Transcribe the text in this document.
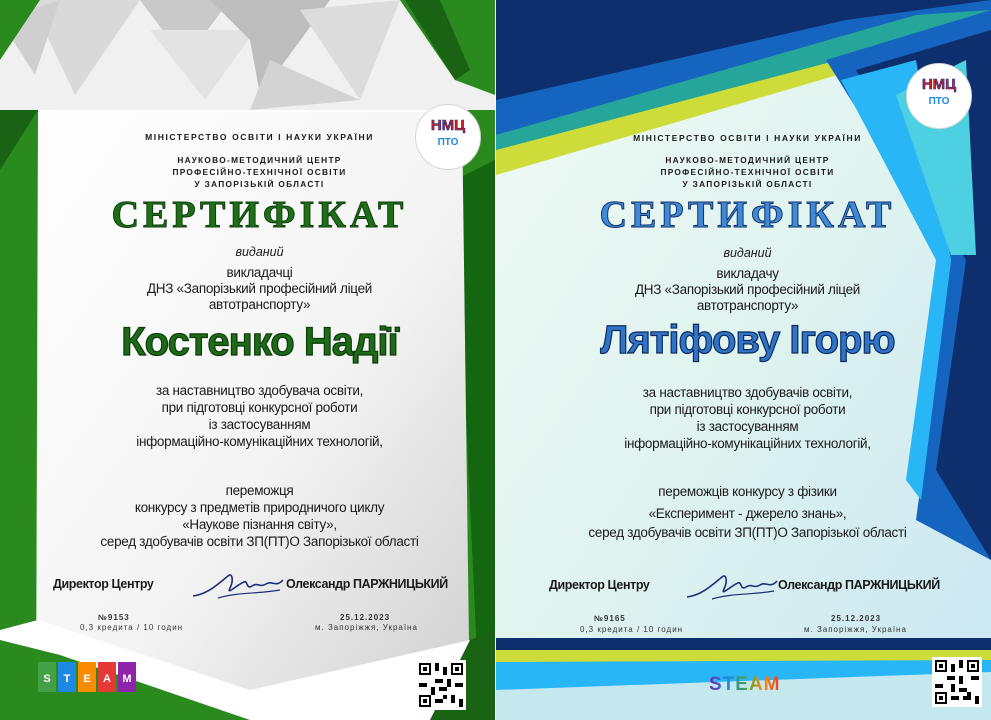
НМЦ
ПТО
МІНІСТЕРСТВО ОСВІТИ І НАУКИ УКРАЇНИ
НАУКОВО-МЕТОДИЧНИЙ ЦЕНТР
ПРОФЕСІЙНО-ТЕХНІЧНОЇ ОСВІТИ
У ЗАПОРІЗЬКІЙ ОБЛАСТІ
СЕРТИФІКАТ
виданий
викладачці
ДНЗ «Запорізький професійний ліцей
автотранспорту»
Костенко Надії
за наставництво здобувача освіти,
при підготовці конкурсної роботи
із застосуванням
інформаційно-комунікаційних технологій,
переможця
конкурсу з предметів природничого циклу
«Наукове пізнання світу»,
серед здобувачів освіти ЗП(ПТ)О Запорізької області
Директор Центру	Олександр ПАРЖНИЦЬКИЙ
№9153
0,3 кредита / 10 годин
25.12.2023
м. Запоріжжя, Україна
S	T	E	A	M
НМЦ
ПТО
МІНІСТЕРСТВО ОСВІТИ І НАУКИ УКРАЇНИ
НАУКОВО-МЕТОДИЧНИЙ ЦЕНТР
ПРОФЕСІЙНО-ТЕХНІЧНОЇ ОСВІТИ
У ЗАПОРІЗЬКІЙ ОБЛАСТІ
СЕРТИФІКАТ
виданий
викладачу
ДНЗ «Запорізький професійний ліцей
автотранспорту»
Лятіфову Ігорю
за наставництво здобувачів освіти,
при підготовці конкурсної роботи
із застосуванням
інформаційно-комунікаційних технологій,
переможців конкурсу з фізики
«Експеримент - джерело знань»,
серед здобувачів освіти ЗП(ПТ)О Запорізької області
Директор Центру	Олександр ПАРЖНИЦЬКИЙ
№9165
0,3 кредита / 10 годин
25.12.2023
м. Запоріжжя, Україна
STEAM
